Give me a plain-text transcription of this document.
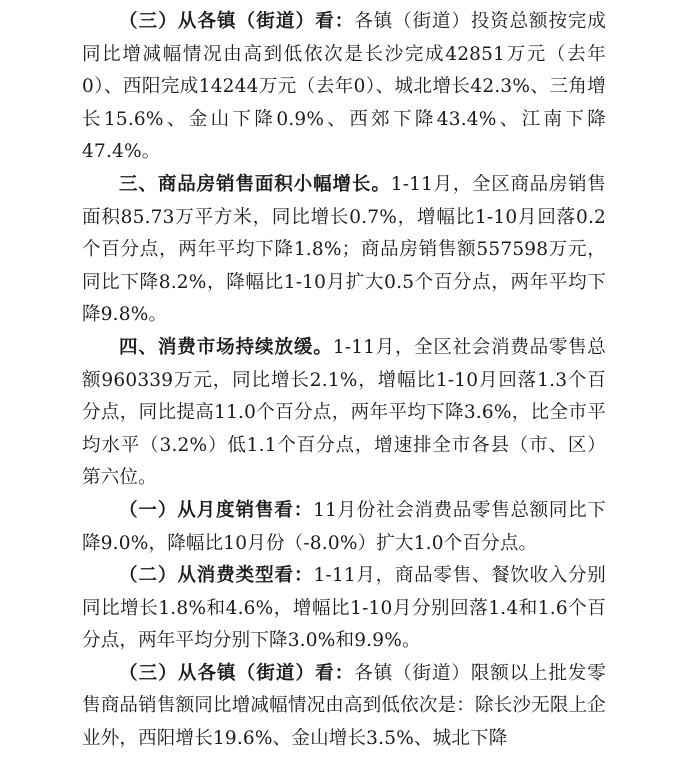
（三）从各镇（街道）看：各镇（街道）投资总额按完成同比增减幅情况由高到低依次是长沙完成42851万元（去年0）、西阳完成14244万元（去年0）、城北增长42.3%、三角增长15.6%、金山下降0.9%、西郊下降43.4%、江南下降47.4%。

三、商品房销售面积小幅增长。1-11月，全区商品房销售面积85.73万平方米，同比增长0.7%，增幅比1-10月回落0.2个百分点，两年平均下降1.8%；商品房销售额557598万元，同比下降8.2%，降幅比1-10月扩大0.5个百分点，两年平均下降9.8%。

四、消费市场持续放缓。1-11月，全区社会消费品零售总额960339万元，同比增长2.1%，增幅比1-10月回落1.3个百分点，同比提高11.0个百分点，两年平均下降3.6%，比全市平均水平（3.2%）低1.1个百分点，增速排全市各县（市、区）第六位。

（一）从月度销售看：11月份社会消费品零售总额同比下降9.0%，降幅比10月份（-8.0%）扩大1.0个百分点。

（二）从消费类型看：1-11月，商品零售、餐饮收入分别同比增长1.8%和4.6%，增幅比1-10月分别回落1.4和1.6个百分点，两年平均分别下降3.0%和9.9%。

（三）从各镇（街道）看：各镇（街道）限额以上批发零售商品销售额同比增减幅情况由高到低依次是：除长沙无限上企业外，西阳增长19.6%、金山增长3.5%、城北下降
